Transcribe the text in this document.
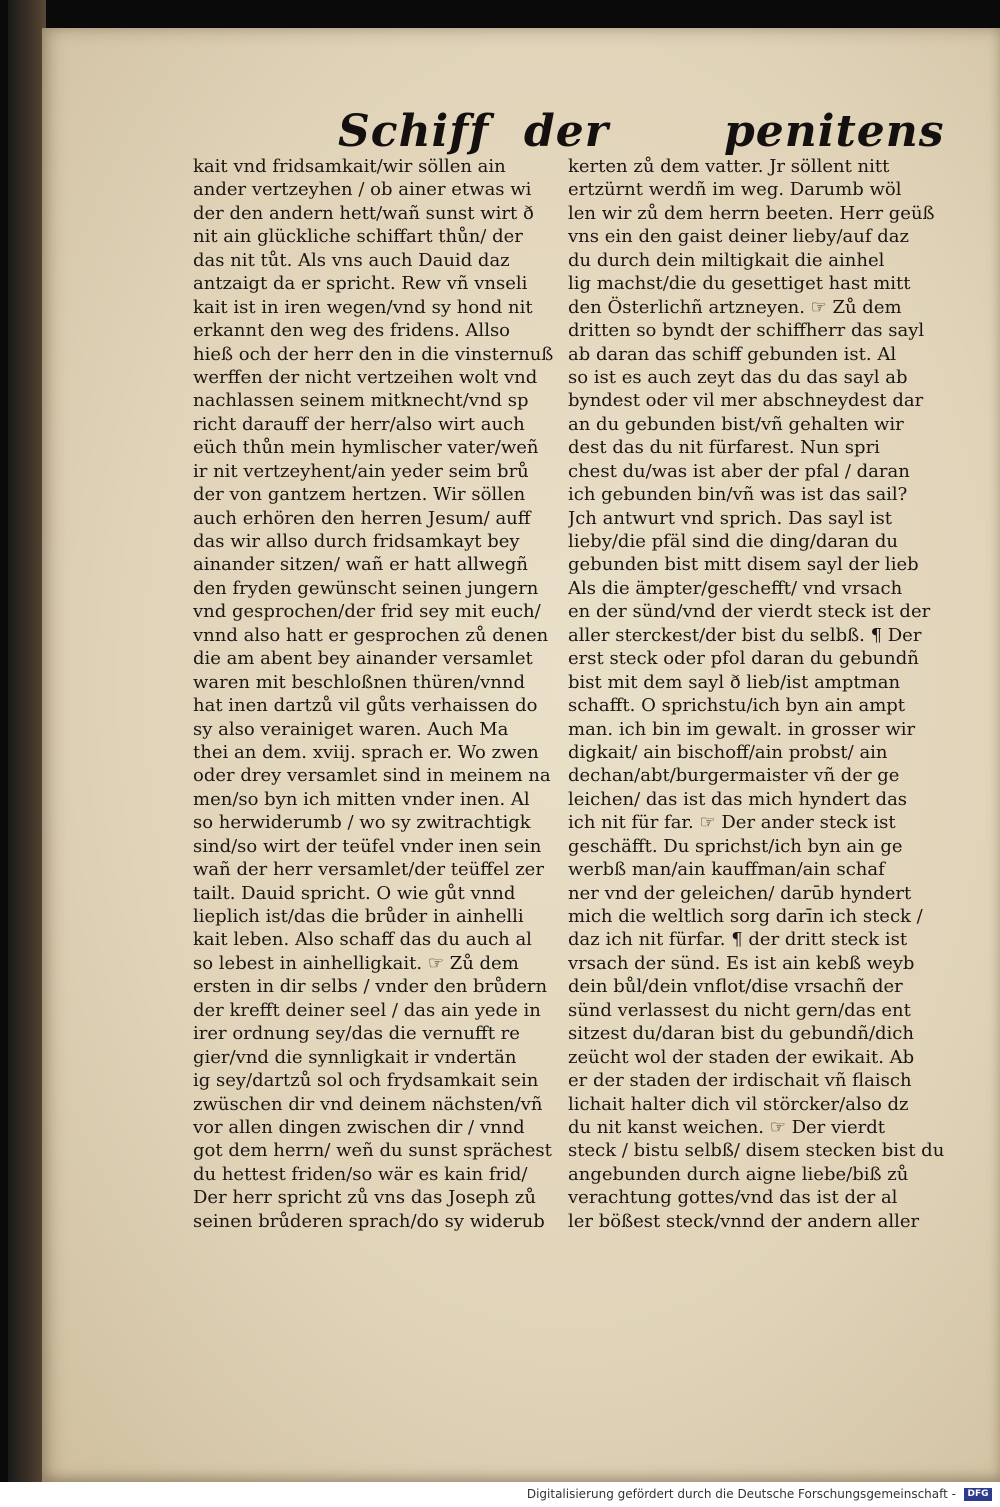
Schiff der	penitens
kait vnd fridsamkait/wir söllen ain
ander vertzeyhen / ob ainer etwas wi
der den andern hett/wañ sunst wirt ð
nit ain glückliche schiffart thůn/ der
das nit tůt. Als vns auch Dauid daz
antzaigt da er spricht. Rew vñ vnseli
kait ist in iren wegen/vnd sy hond nit
erkannt den weg des fridens. Allso
hieß och der herr den in die vinsternuß
werffen der nicht vertzeihen wolt vnd
nachlassen seinem mitknecht/vnd sp
richt darauff der herr/also wirt auch
eüch thůn mein hymlischer vater/weñ
ir nit vertzeyhent/ain yeder seim brů
der von gantzem hertzen. Wir söllen
auch erhören den herren Jesum/ auff
das wir allso durch fridsamkayt bey
ainander sitzen/ wañ er hatt allwegñ
den fryden gewünscht seinen jungern
vnd gesprochen/der frid sey mit euch/
vnnd also hatt er gesprochen zů denen
die am abent bey ainander versamlet
waren mit beschloßnen thüren/vnnd
hat inen dartzů vil gůts verhaissen do
sy also verainiget waren. Auch Ma
thei an dem. xviij. sprach er. Wo zwen
oder drey versamlet sind in meinem na
men/so byn ich mitten vnder inen. Al
so herwiderumb / wo sy zwitrachtigk
sind/so wirt der teüfel vnder inen sein
wañ der herr versamlet/der teüffel zer
tailt. Dauid spricht. O wie gůt vnnd
lieplich ist/das die brůder in ainhelli
kait leben. Also schaff das du auch al
so lebest in ainhelligkait. ☞ Zů dem
ersten in dir selbs / vnder den brůdern
der krefft deiner seel / das ain yede in
irer ordnung sey/das die vernufft re
gier/vnd die synnligkait ir vndertän
ig sey/dartzů sol och frydsamkait sein
zwüschen dir vnd deinem nächsten/vñ
vor allen dingen zwischen dir / vnnd
got dem herrn/ weñ du sunst sprächest
du hettest friden/so wär es kain frid/
Der herr spricht zů vns das Joseph zů
seinen brůderen sprach/do sy widerub
kerten zů dem vatter. Jr söllent nitt
ertzürnt werdñ im weg. Darumb wöl
len wir zů dem herrn beeten. Herr geüß
vns ein den gaist deiner lieby/auf daz
du durch dein miltigkait die ainhel
lig machst/die du gesettiget hast mitt
den Österlichñ artzneyen. ☞ Zů dem
dritten so byndt der schiffherr das sayl
ab daran das schiff gebunden ist. Al
so ist es auch zeyt das du das sayl ab
byndest oder vil mer abschneydest dar
an du gebunden bist/vñ gehalten wir
dest das du nit fürfarest. Nun spri
chest du/was ist aber der pfal / daran
ich gebunden bin/vñ was ist das sail?
Jch antwurt vnd sprich. Das sayl ist
lieby/die pfäl sind die ding/daran du
gebunden bist mitt disem sayl der lieb
Als die ämpter/geschefft/ vnd vrsach
en der sünd/vnd der vierdt steck ist der
aller sterckest/der bist du selbß. ¶ Der
erst steck oder pfol daran du gebundñ
bist mit dem sayl ð lieb/ist amptman
schafft. O sprichstu/ich byn ain ampt
man. ich bin im gewalt. in grosser wir
digkait/ ain bischoff/ain probst/ ain
dechan/abt/burgermaister vñ der ge
leichen/ das ist das mich hyndert das
ich nit für far. ☞ Der ander steck ist
geschäfft. Du sprichst/ich byn ain ge
werbß man/ain kauffman/ain schaf
ner vnd der geleichen/ darūb hyndert
mich die weltlich sorg darīn ich steck /
daz ich nit fürfar. ¶ der dritt steck ist
vrsach der sünd. Es ist ain kebß weyb
dein bůl/dein vnflot/dise vrsachñ der
sünd verlassest du nicht gern/das ent
sitzest du/daran bist du gebundñ/dich
zeücht wol der staden der ewikait. Ab
er der staden der irdischait vñ flaisch
lichait halter dich vil störcker/also dz
du nit kanst weichen. ☞ Der vierdt
steck / bistu selbß/ disem stecken bist du
angebunden durch aigne liebe/biß zů
verachtung gottes/vnd das ist der al
ler bößest steck/vnnd der andern aller
Digitalisierung gefördert durch die Deutsche Forschungsgemeinschaft -	DFG
